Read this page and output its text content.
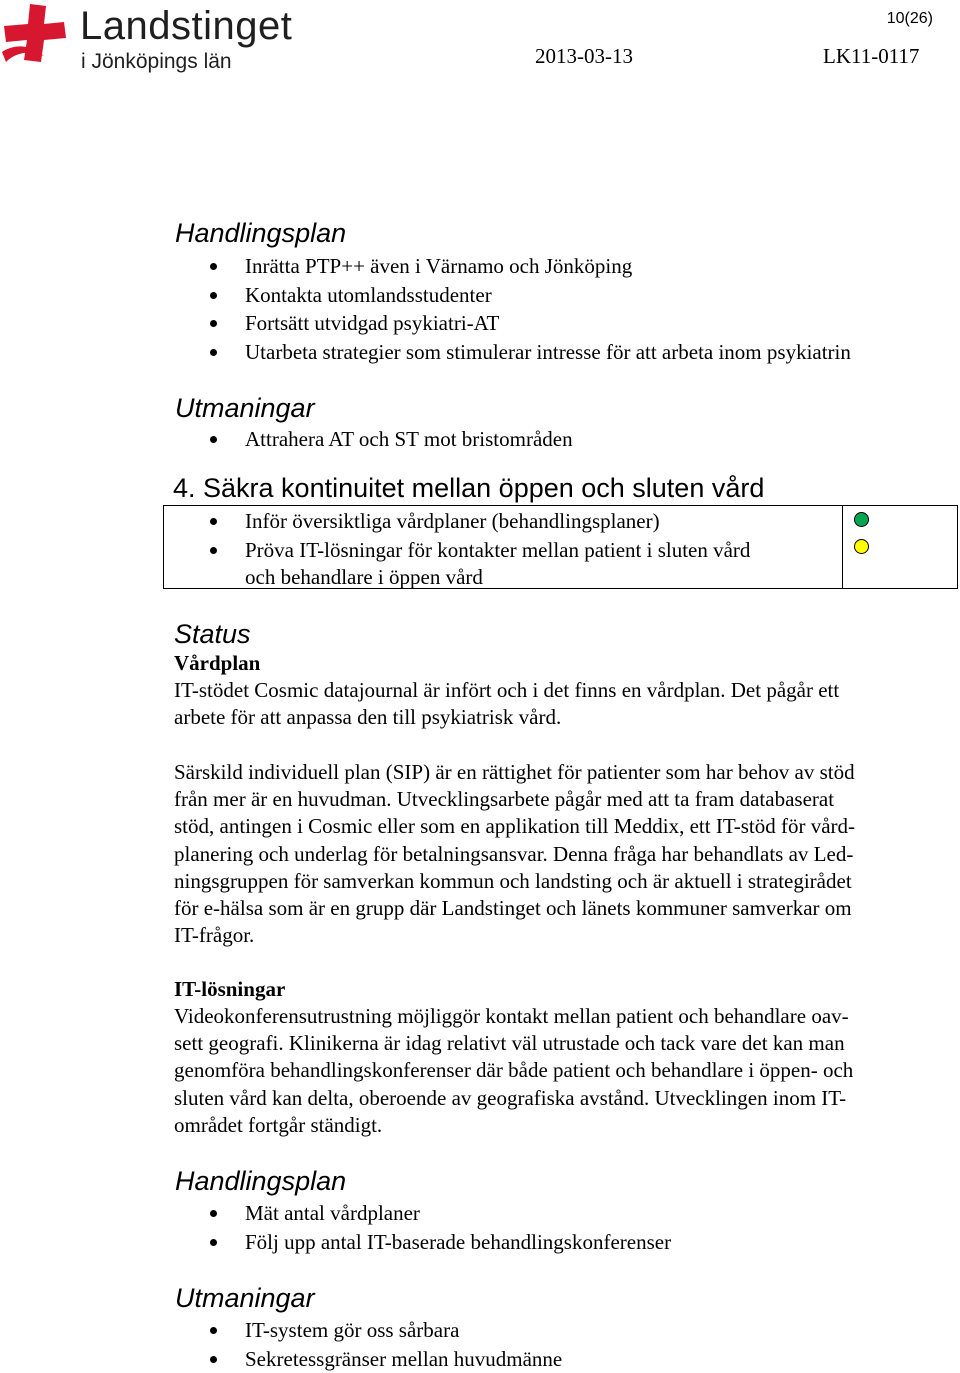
Landstinget
i Jönköpings län
10(26)
2013-03-13	LK11-0117
Handlingsplan
Inrätta PTP++ även i Värnamo och Jönköping
Kontakta utomlandsstudenter
Fortsätt utvidgad psykiatri-AT
Utarbeta strategier som stimulerar intresse för att arbeta inom psykiatrin
Utmaningar
Attrahera AT och ST mot bristområden
4. Säkra kontinuitet mellan öppen och sluten vård
Inför översiktliga vårdplaner (behandlingsplaner)
Pröva IT-lösningar för kontakter mellan patient i sluten vård
och behandlare i öppen vård
Status
Vårdplan
IT-stödet Cosmic datajournal är infört och i det finns en vårdplan. Det pågår ett
arbete för att anpassa den till psykiatrisk vård.
Särskild individuell plan (SIP) är en rättighet för patienter som har behov av stöd
från mer är en huvudman. Utvecklingsarbete pågår med att ta fram databaserat
stöd, antingen i Cosmic eller som en applikation till Meddix, ett IT-stöd för vård-
planering och underlag för betalningsansvar. Denna fråga har behandlats av Led-
ningsgruppen för samverkan kommun och landsting och är aktuell i strategirådet
för e-hälsa som är en grupp där Landstinget och länets kommuner samverkar om
IT-frågor.
IT-lösningar
Videokonferensutrustning möjliggör kontakt mellan patient och behandlare oav-
sett geografi. Klinikerna är idag relativt väl utrustade och tack vare det kan man
genomföra behandlingskonferenser där både patient och behandlare i öppen- och
sluten vård kan delta, oberoende av geografiska avstånd. Utvecklingen inom IT-
området fortgår ständigt.
Handlingsplan
Mät antal vårdplaner
Följ upp antal IT-baserade behandlingskonferenser
Utmaningar
IT-system gör oss sårbara
Sekretessgränser mellan huvudmänne
